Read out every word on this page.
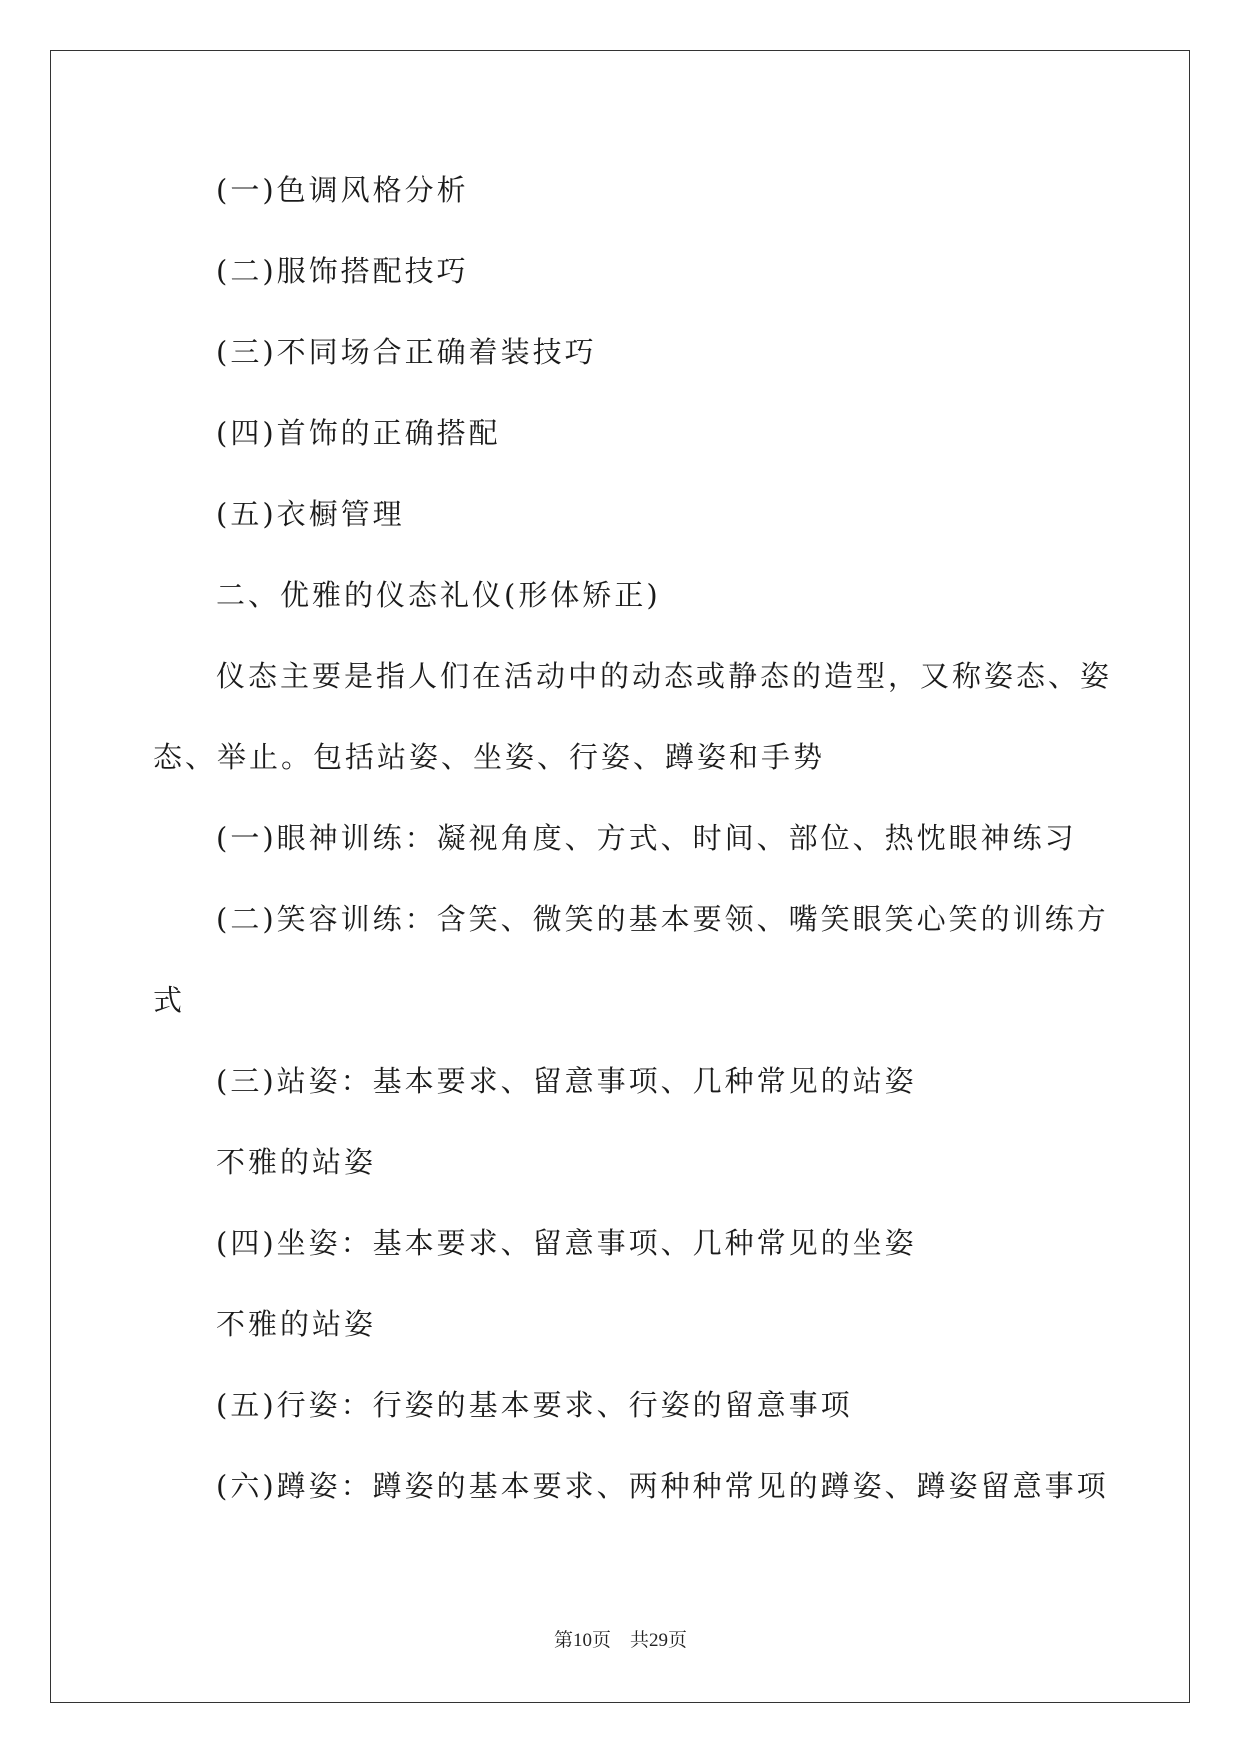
(一)色调风格分析
(二)服饰搭配技巧
(三)不同场合正确着装技巧
(四)首饰的正确搭配
(五)衣橱管理
二、优雅的仪态礼仪(形体矫正)
仪态主要是指人们在活动中的动态或静态的造型，又称姿态、姿
态、举止。包括站姿、坐姿、行姿、蹲姿和手势
(一)眼神训练：凝视角度、方式、时间、部位、热忱眼神练习
(二)笑容训练：含笑、微笑的基本要领、嘴笑眼笑心笑的训练方
式
(三)站姿：基本要求、留意事项、几种常见的站姿
不雅的站姿
(四)坐姿：基本要求、留意事项、几种常见的坐姿
不雅的站姿
(五)行姿：行姿的基本要求、行姿的留意事项
(六)蹲姿：蹲姿的基本要求、两种种常见的蹲姿、蹲姿留意事项
第10页　共29页
